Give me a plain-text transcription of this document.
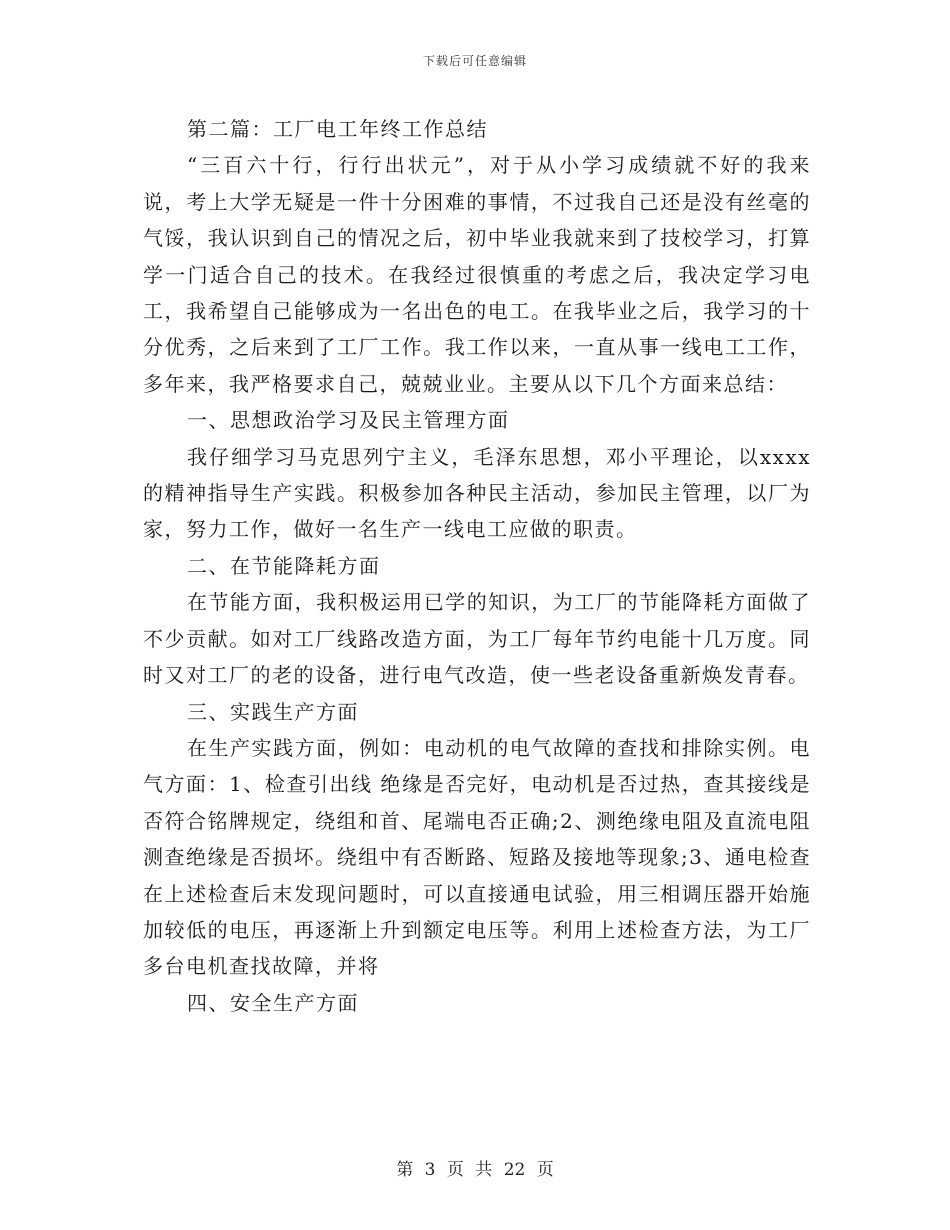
下载后可任意编辑

第二篇：工厂电工年终工作总结

“三百六十行，行行出状元”，对于从小学习成绩就不好的我来说，考上大学无疑是一件十分困难的事情，不过我自己还是没有丝毫的气馁，我认识到自己的情况之后，初中毕业我就来到了技校学习，打算学一门适合自己的技术。在我经过很慎重的考虑之后，我决定学习电工，我希望自己能够成为一名出色的电工。在我毕业之后，我学习的十分优秀，之后来到了工厂工作。我工作以来，一直从事一线电工工作，多年来，我严格要求自己，兢兢业业。主要从以下几个方面来总结：

一、思想政治学习及民主管理方面

我仔细学习马克思列宁主义，毛泽东思想，邓小平理论，以xxxx的精神指导生产实践。积极参加各种民主活动，参加民主管理，以厂为家，努力工作，做好一名生产一线电工应做的职责。

二、在节能降耗方面

在节能方面，我积极运用已学的知识，为工厂的节能降耗方面做了不少贡献。如对工厂线路改造方面，为工厂每年节约电能十几万度。同时又对工厂的老的设备，进行电气改造，使一些老设备重新焕发青春。

三、实践生产方面

在生产实践方面，例如：电动机的电气故障的查找和排除实例。电气方面：1、检查引出线 绝缘是否完好，电动机是否过热，查其接线是否符合铭牌规定，绕组和首、尾端电否正确;2、测绝缘电阻及直流电阻 测查绝缘是否损坏。绕组中有否断路、短路及接地等现象;3、通电检查 在上述检查后末发现问题时，可以直接通电试验，用三相调压器开始施加较低的电压，再逐渐上升到额定电压等。利用上述检查方法，为工厂多台电机查找故障，并将

四、安全生产方面

第 3 页 共 22 页
